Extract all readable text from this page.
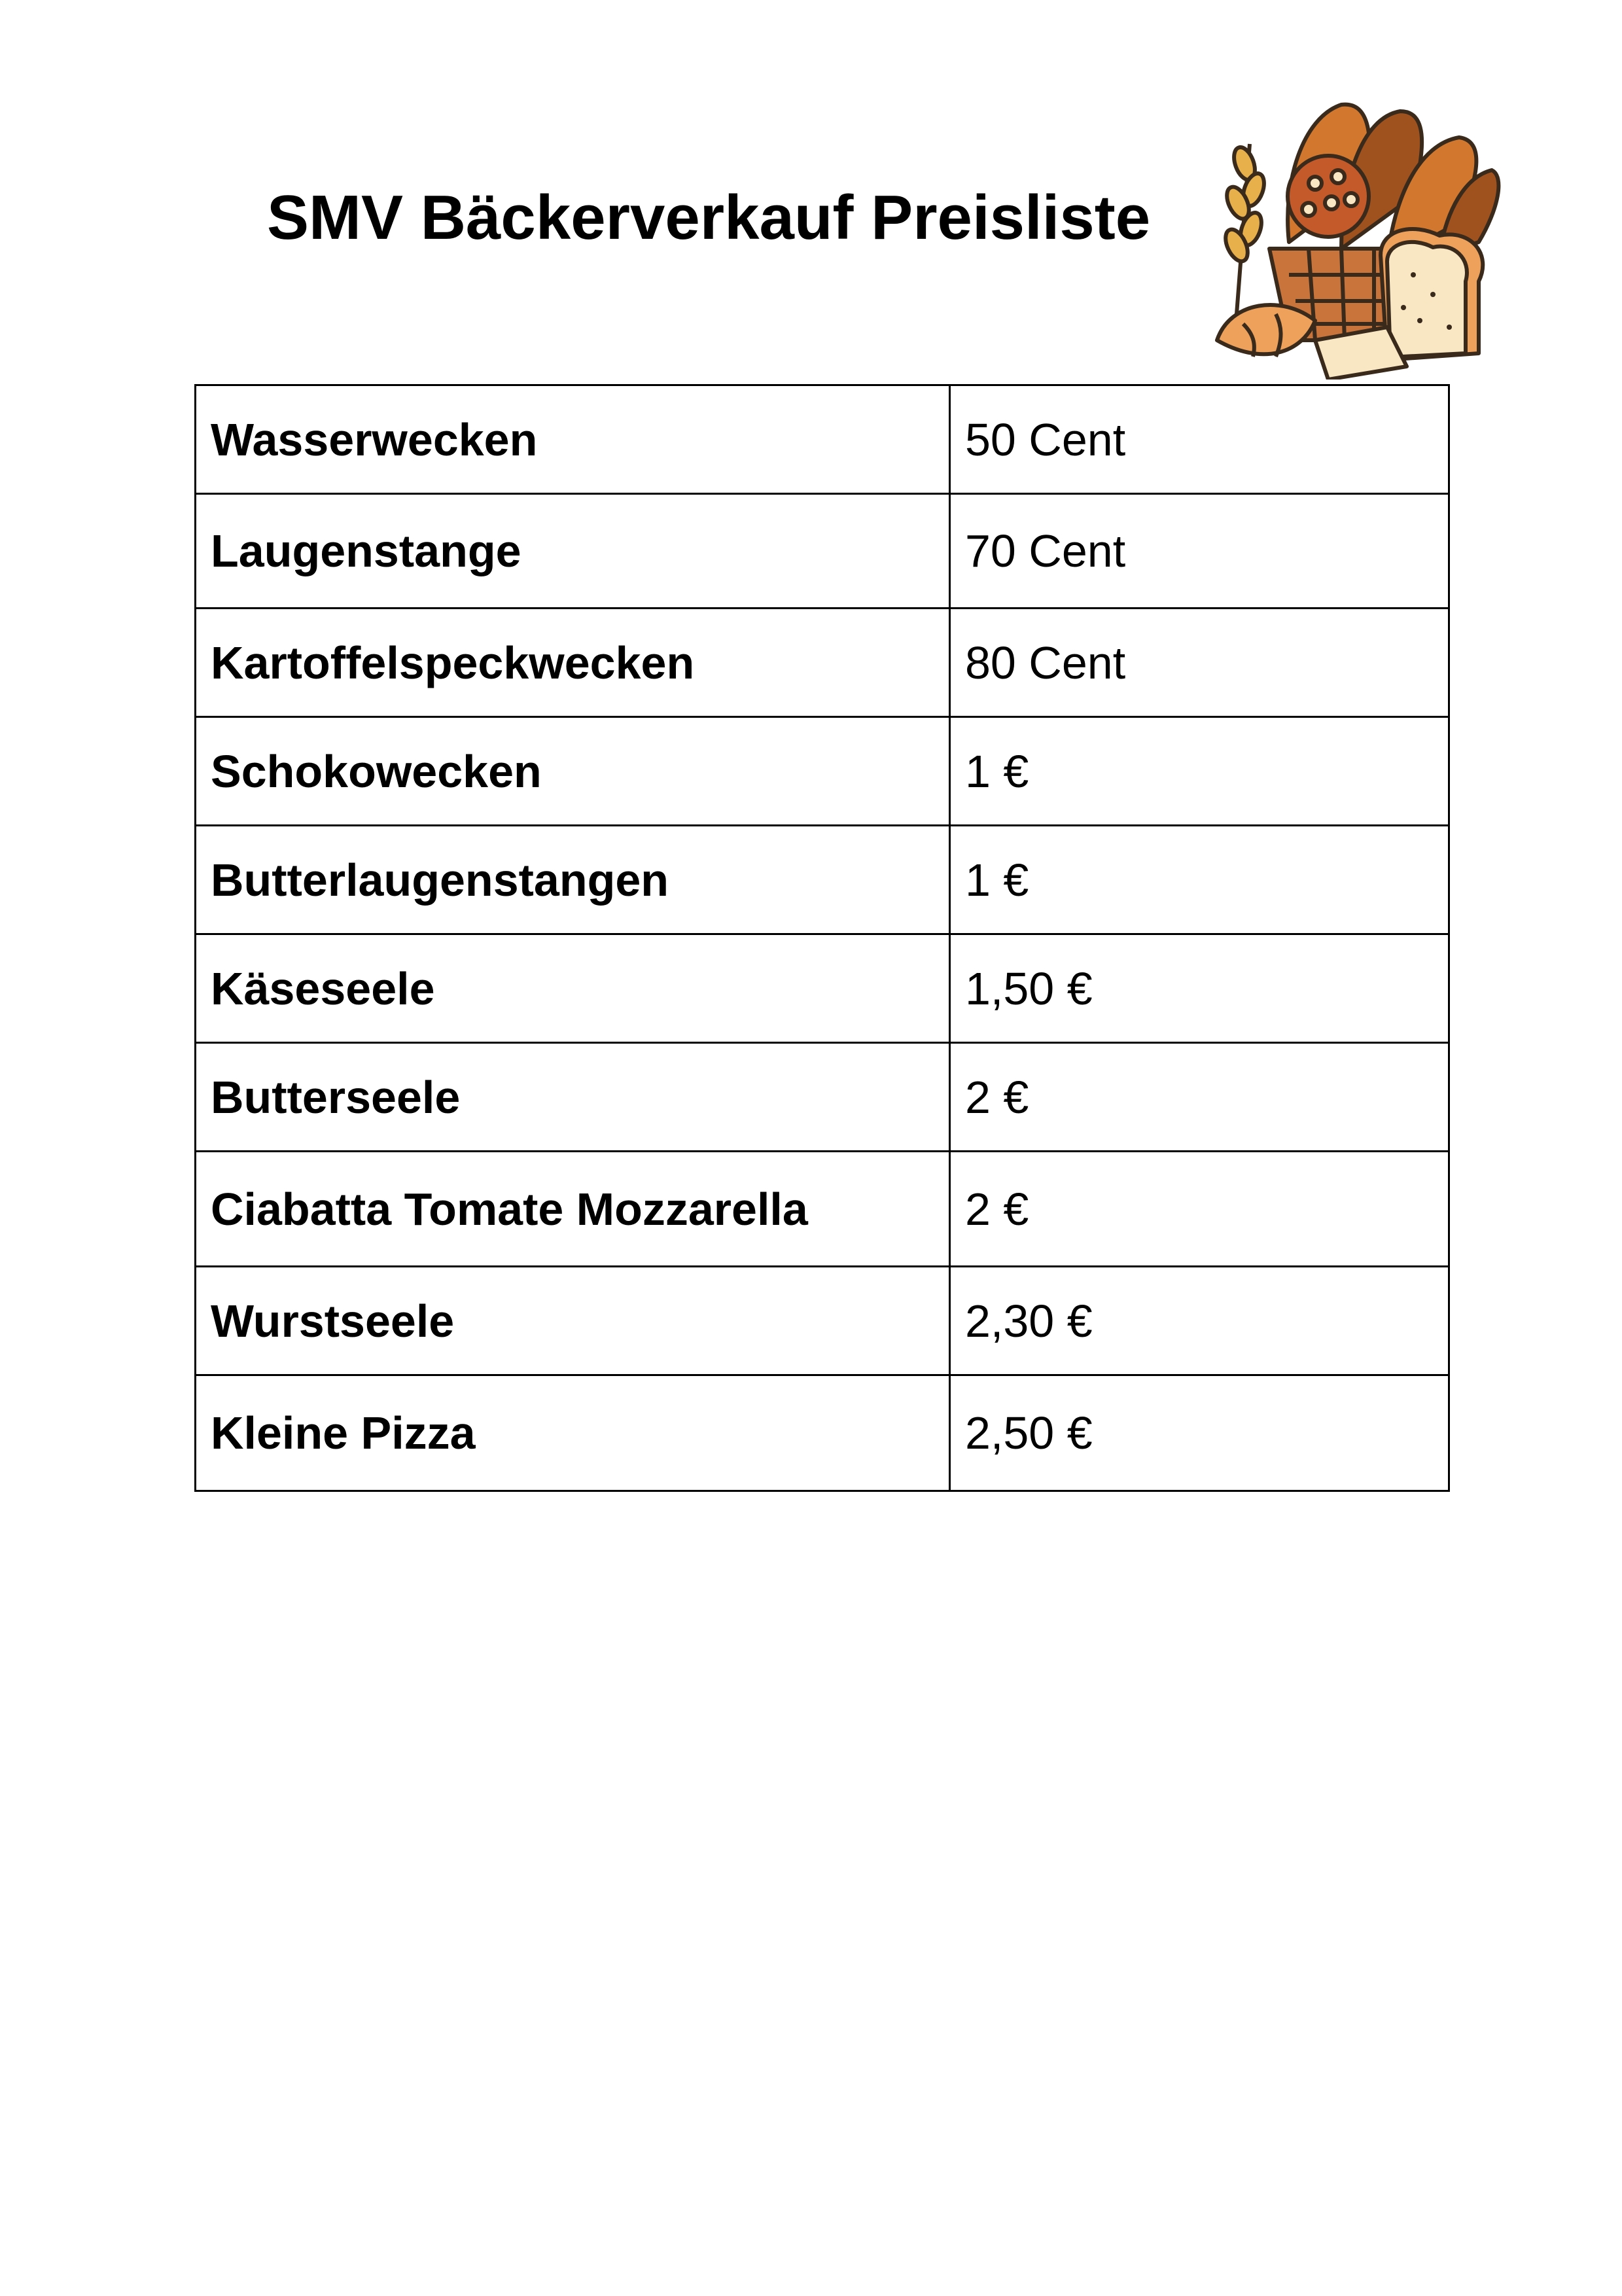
SMV Bäckerverkauf Preisliste
Wasserwecken	50 Cent
Laugenstange	70 Cent
Kartoffelspeckwecken	80 Cent
Schokowecken	1 €
Butterlaugenstangen	1 €
Käseseele	1,50 €
Butterseele	2 €
Ciabatta Tomate Mozzarella	2 €
Wurstseele	2,30 €
Kleine Pizza	2,50 €
